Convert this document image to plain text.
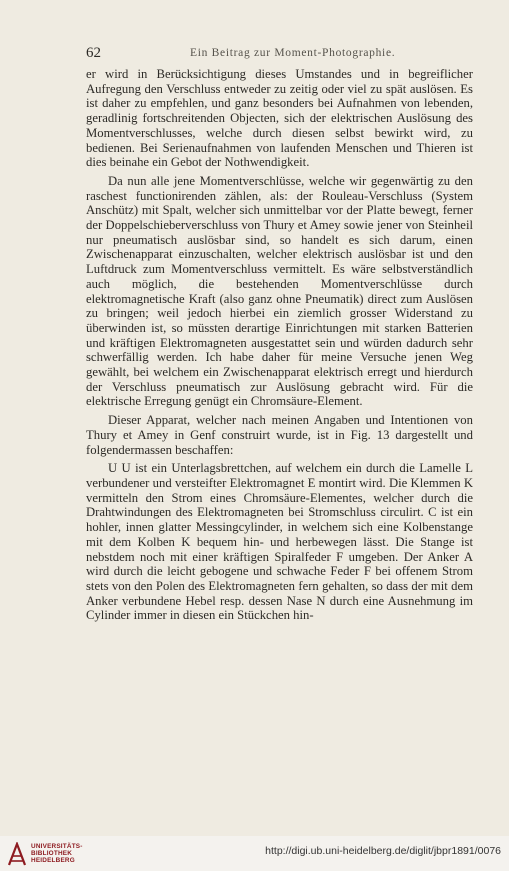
62	Ein Beitrag zur Moment-Photographie.

er wird in Berücksichtigung dieses Umstandes und in begreiflicher Aufregung den Verschluss entweder zu zeitig oder viel zu spät auslösen. Es ist daher zu empfehlen, und ganz besonders bei Aufnahmen von lebenden, geradlinig fortschreitenden Objecten, sich der elektrischen Auslösung des Momentverschlusses, welche durch diesen selbst bewirkt wird, zu bedienen. Bei Serienaufnahmen von laufenden Menschen und Thieren ist dies beinahe ein Gebot der Nothwendigkeit.

Da nun alle jene Momentverschlüsse, welche wir gegenwärtig zu den raschest functionirenden zählen, als: der Rouleau-Verschluss (System Anschütz) mit Spalt, welcher sich unmittelbar vor der Platte bewegt, ferner der Doppelschieberverschluss von Thury et Amey sowie jener von Steinheil nur pneumatisch auslösbar sind, so handelt es sich darum, einen Zwischenapparat einzuschalten, welcher elektrisch auslösbar ist und den Luftdruck zum Momentverschluss vermittelt. Es wäre selbstverständlich auch möglich, die bestehenden Momentverschlüsse durch elektromagnetische Kraft (also ganz ohne Pneumatik) direct zum Auslösen zu bringen; weil jedoch hierbei ein ziemlich grosser Widerstand zu überwinden ist, so müssten derartige Einrichtungen mit starken Batterien und kräftigen Elektromagneten ausgestattet sein und würden dadurch sehr schwerfällig werden. Ich habe daher für meine Versuche jenen Weg gewählt, bei welchem ein Zwischenapparat elektrisch erregt und hierdurch der Verschluss pneumatisch zur Auslösung gebracht wird. Für die elektrische Erregung genügt ein Chromsäure-Element.

Dieser Apparat, welcher nach meinen Angaben und Intentionen von Thury et Amey in Genf construirt wurde, ist in Fig. 13 dargestellt und folgendermassen beschaffen:

U U ist ein Unterlagsbrettchen, auf welchem ein durch die Lamelle L verbundener und versteifter Elektromagnet E montirt wird. Die Klemmen K vermitteln den Strom eines Chromsäure-Elementes, welcher durch die Drahtwindungen des Elektromagneten bei Stromschluss circulirt. C ist ein hohler, innen glatter Messingcylinder, in welchem sich eine Kolbenstange mit dem Kolben K bequem hin- und herbewegen lässt. Die Stange ist nebstdem noch mit einer kräftigen Spiralfeder F umgeben. Der Anker A wird durch die leicht gebogene und schwache Feder F bei offenem Strom stets von den Polen des Elektromagneten fern gehalten, so dass der mit dem Anker verbundene Hebel resp. dessen Nase N durch eine Ausnehmung im Cylinder immer in diesen ein Stückchen hin-

UNIVERSITÄTS-
BIBLIOTHEK
HEIDELBERG
http://digi.ub.uni-heidelberg.de/diglit/jbpr1891/0076
